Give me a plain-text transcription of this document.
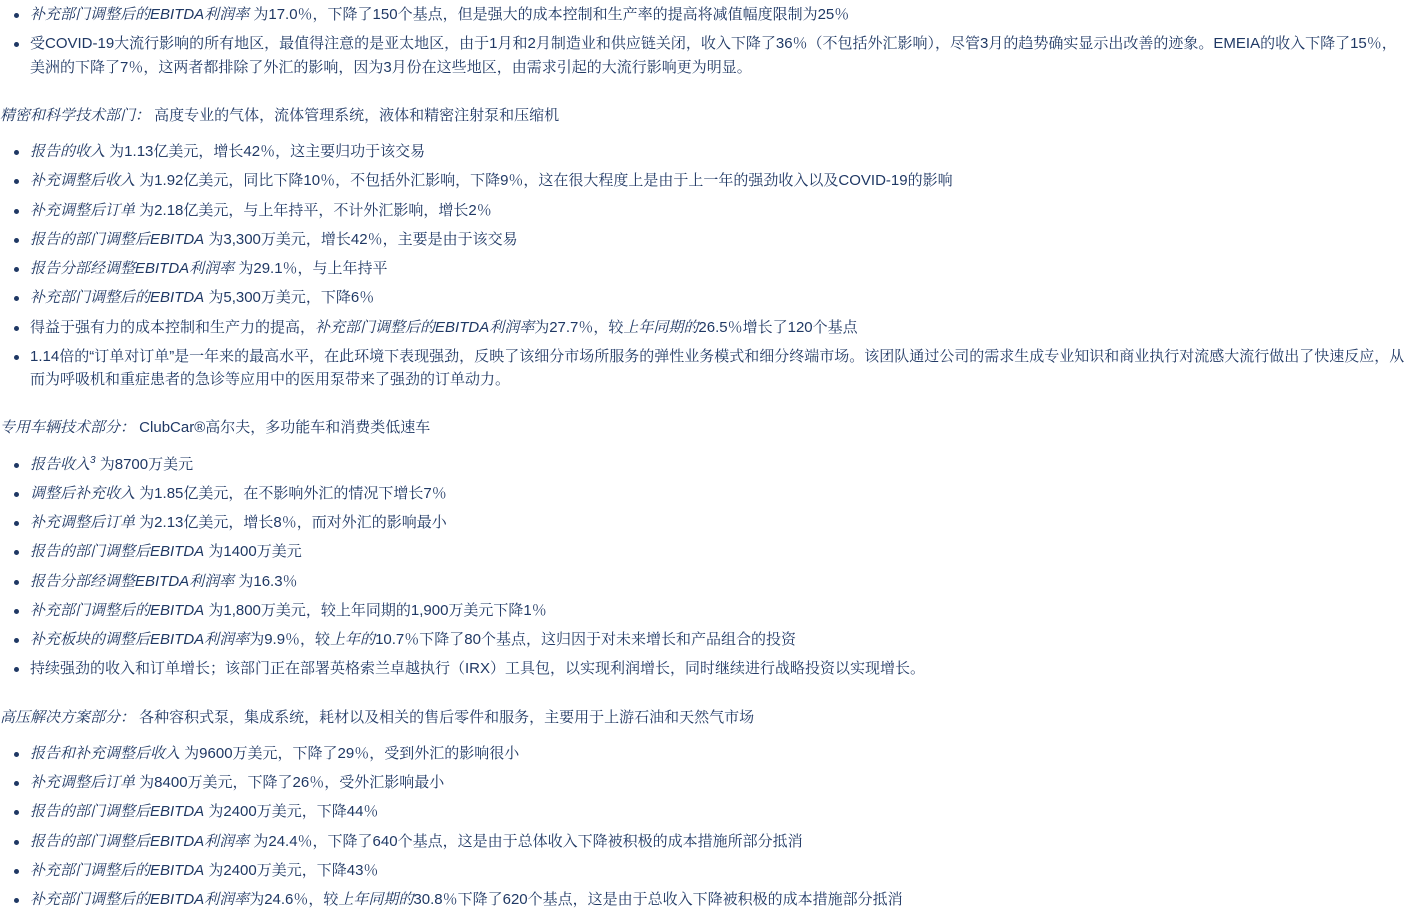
补充部门调整后的EBITDA利润率 为17.0％，下降了150个基点，但是强大的成本控制和生产率的提高将减值幅度限制为25％
受COVID-19大流行影响的所有地区，最值得注意的是亚太地区，由于1月和2月制造业和供应链关闭，收入下降了36％（不包括外汇影响），尽管3月的趋势确实显示出改善的迹象。EMEIA的收入下降了15％，美洲的下降了7％，这两者都排除了外汇的影响，因为3月份在这些地区，由需求引起的大流行影响更为明显。
精密和科学技术部门： 高度专业的气体，流体管理系统，液体和精密注射泵和压缩机
报告的收入 为1.13亿美元，增长42％，这主要归功于该交易
补充调整后收入 为1.92亿美元，同比下降10％，不包括外汇影响，下降9％，这在很大程度上是由于上一年的强劲收入以及COVID-19的影响
补充调整后订单 为2.18亿美元，与上年持平，不计外汇影响，增长2％
报告的部门调整后EBITDA 为3,300万美元，增长42％，主要是由于该交易
报告分部经调整EBITDA利润率 为29.1％，与上年持平
补充部门调整后的EBITDA 为5,300万美元，下降6％
得益于强有力的成本控制和生产力的提高，补充部门调整后的EBITDA利润率为27.7％，较上年同期的26.5％增长了120个基点
1.14倍的“订单对订单”是一年来的最高水平，在此环境下表现强劲，反映了该细分市场所服务的弹性业务模式和细分终端市场。该团队通过公司的需求生成专业知识和商业执行对流感大流行做出了快速反应，从而为呼吸机和重症患者的急诊等应用中的医用泵带来了强劲的订单动力。
专用车辆技术部分： ClubCar®高尔夫，多功能车和消费类低速车
报告收入$^3$ 为8700万美元
调整后补充收入 为1.85亿美元，在不影响外汇的情况下增长7％
补充调整后订单 为2.13亿美元，增长8％，而对外汇的影响最小
报告的部门调整后EBITDA 为1400万美元
报告分部经调整EBITDA利润率 为16.3％
补充部门调整后的EBITDA 为1,800万美元，较上年同期的1,900万美元下降1％
补充板块的调整后EBITDA利润率为9.9％，较上年的10.7％下降了80个基点，这归因于对未来增长和产品组合的投资
持续强劲的收入和订单增长；该部门正在部署英格索兰卓越执行（IRX）工具包，以实现利润增长，同时继续进行战略投资以实现增长。
高压解决方案部分： 各种容积式泵，集成系统，耗材以及相关的售后零件和服务，主要用于上游石油和天然气市场
报告和补充调整后收入 为9600万美元，下降了29％，受到外汇的影响很小
补充调整后订单 为8400万美元，下降了26％，受外汇影响最小
报告的部门调整后EBITDA 为2400万美元，下降44％
报告的部门调整后EBITDA利润率 为24.4％，下降了640个基点，这是由于总体收入下降被积极的成本措施所部分抵消
补充部门调整后的EBITDA 为2400万美元，下降43％
补充部门调整后的EBITDA利润率为24.6％，较上年同期的30.8％下降了620个基点，这是由于总收入下降被积极的成本措施部分抵消
